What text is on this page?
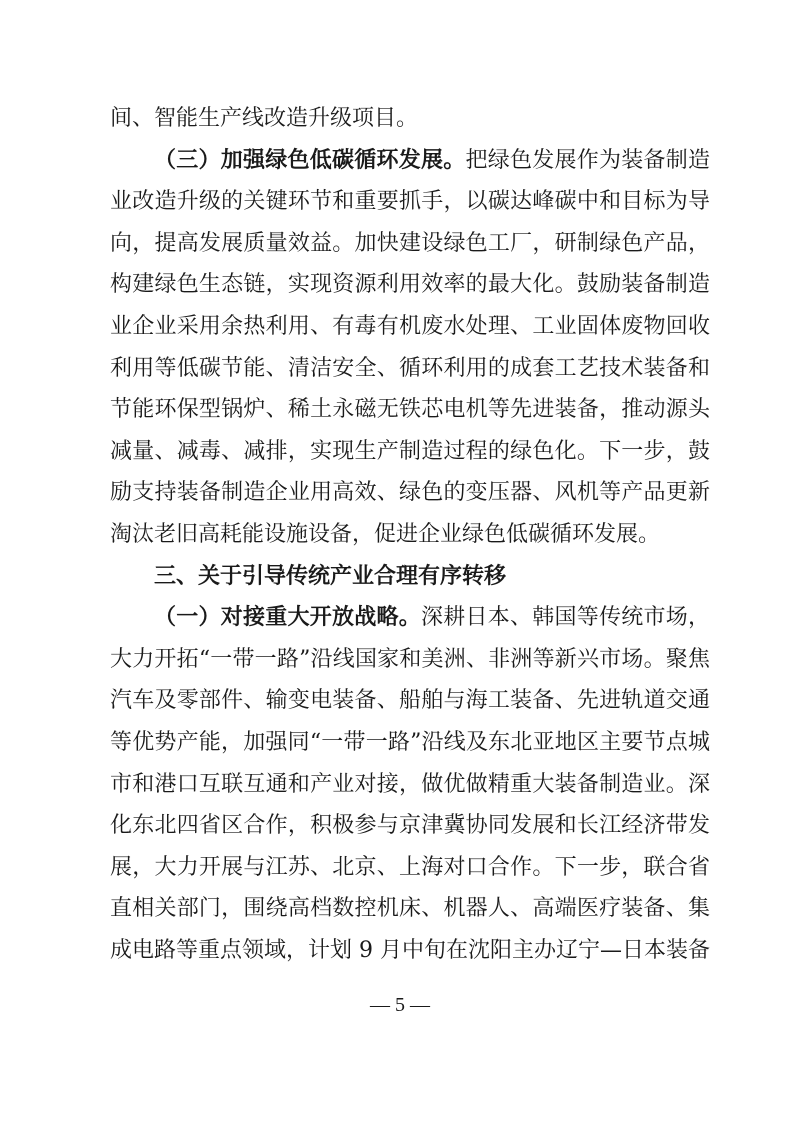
间、智能生产线改造升级项目。
（三）加强绿色低碳循环发展。把绿色发展作为装备制造
业改造升级的关键环节和重要抓手，以碳达峰碳中和目标为导
向，提高发展质量效益。加快建设绿色工厂，研制绿色产品，
构建绿色生态链，实现资源利用效率的最大化。鼓励装备制造
业企业采用余热利用、有毒有机废水处理、工业固体废物回收
利用等低碳节能、清洁安全、循环利用的成套工艺技术装备和
节能环保型锅炉、稀土永磁无铁芯电机等先进装备，推动源头
减量、减毒、减排，实现生产制造过程的绿色化。下一步，鼓
励支持装备制造企业用高效、绿色的变压器、风机等产品更新
淘汰老旧高耗能设施设备，促进企业绿色低碳循环发展。
三、关于引导传统产业合理有序转移
（一）对接重大开放战略。深耕日本、韩国等传统市场，
大力开拓“一带一路”沿线国家和美洲、非洲等新兴市场。聚焦
汽车及零部件、输变电装备、船舶与海工装备、先进轨道交通
等优势产能，加强同“一带一路”沿线及东北亚地区主要节点城
市和港口互联互通和产业对接，做优做精重大装备制造业。深
化东北四省区合作，积极参与京津冀协同发展和长江经济带发
展，大力开展与江苏、北京、上海对口合作。下一步，联合省
直相关部门，围绕高档数控机床、机器人、高端医疗装备、集
成电路等重点领域，计划 9 月中旬在沈阳主办辽宁—日本装备
— 5 —
